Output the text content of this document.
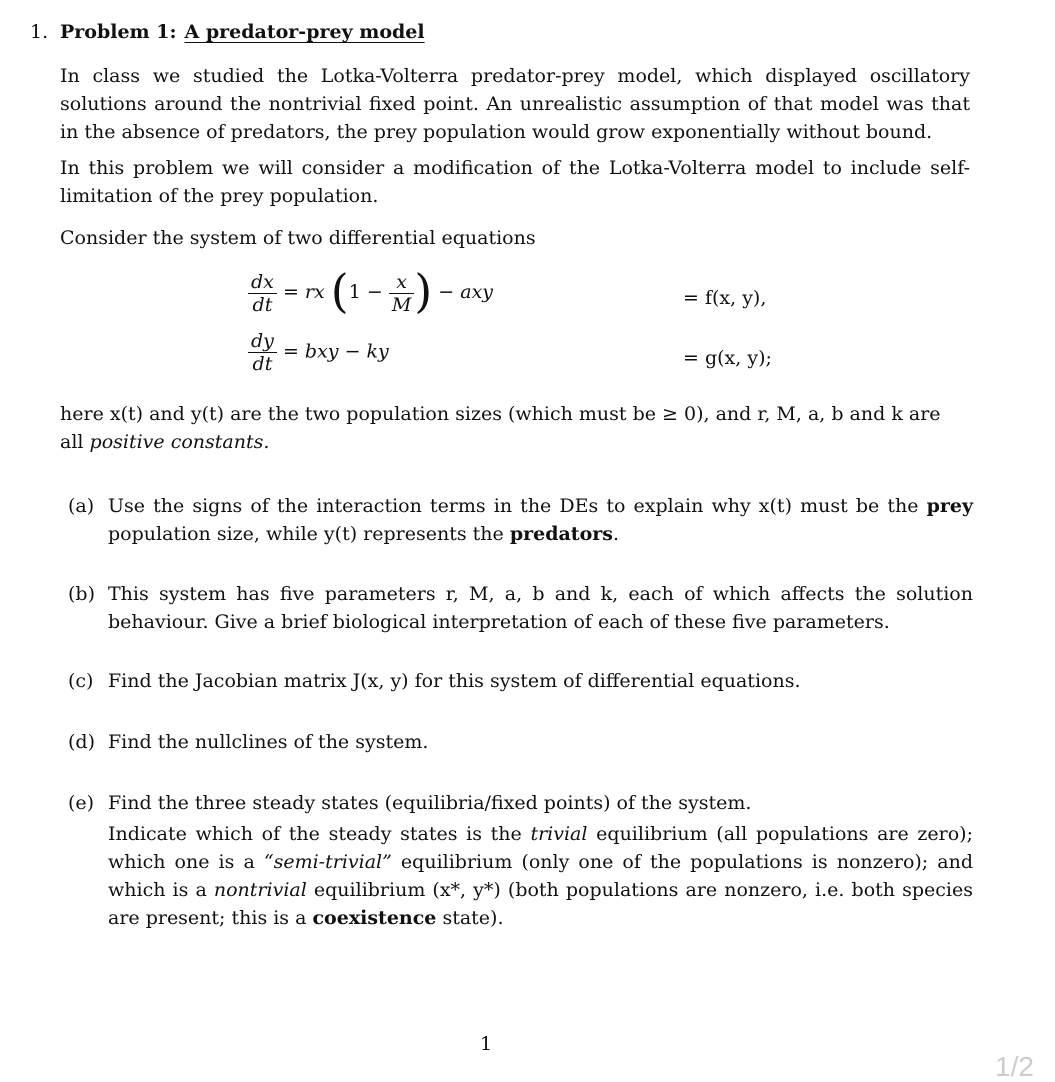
1. Problem 1: A predator-prey model

In class we studied the Lotka-Volterra predator-prey model, which displayed oscillatory solutions around the nontrivial fixed point. An unrealistic assumption of that model was that in the absence of predators, the prey population would grow exponentially without bound.

In this problem we will consider a modification of the Lotka-Volterra model to include self-limitation of the prey population.

Consider the system of two differential equations

$\frac{dx}{dt}$ = rx ($1 - \frac{x}{M}$ ) − axy	= f(x, y),
$\frac{dy}{dt}$ = bxy − ky	= g(x, y);

here x(t) and y(t) are the two population sizes (which must be ≥ 0), and r, M, a, b and k are
all positive constants.

(a) Use the signs of the interaction terms in the DEs to explain why x(t) must be the prey population size, while y(t) represents the predators.
(b) This system has five parameters r, M, a, b and k, each of which affects the solution behaviour. Give a brief biological interpretation of each of these five parameters.
(c) Find the Jacobian matrix J(x, y) for this system of differential equations.
(d) Find the nullclines of the system.
(e) Find the three steady states (equilibria/fixed points) of the system.
Indicate which of the steady states is the trivial equilibrium (all populations are zero); which one is a “semi-trivial” equilibrium (only one of the populations is nonzero); and which is a nontrivial equilibrium (x*, y*) (both populations are nonzero, i.e. both species are present; this is a coexistence state).
1
1/2
